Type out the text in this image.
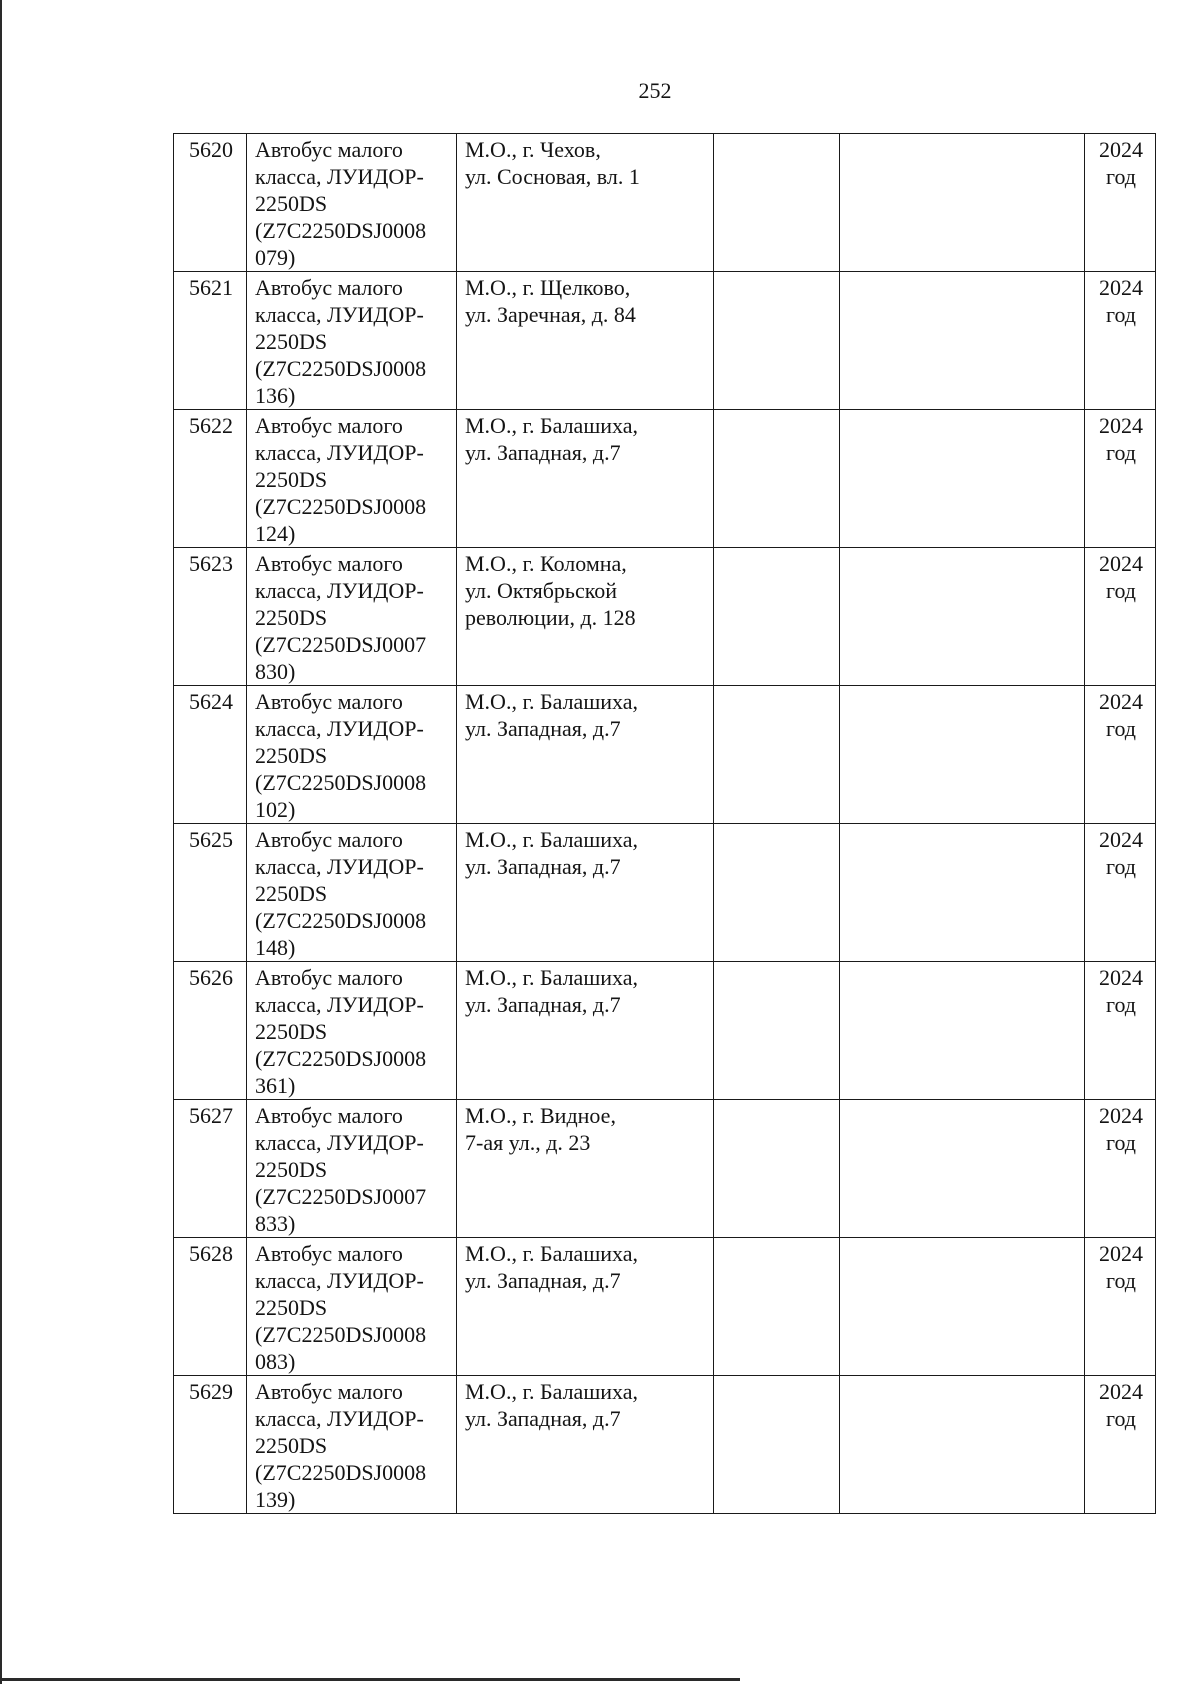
252
5620	Автобус малого
класса, ЛУИДОР-
2250DS
(Z7C2250DSJ0008
079)	М.О., г. Чехов,
ул. Сосновая, вл. 1			2024
год

5621	Автобус малого
класса, ЛУИДОР-
2250DS
(Z7C2250DSJ0008
136)	М.О., г. Щелково,
ул. Заречная, д. 84			2024
год

5622	Автобус малого
класса, ЛУИДОР-
2250DS
(Z7C2250DSJ0008
124)	М.О., г. Балашиха,
ул. Западная, д.7			2024
год

5623	Автобус малого
класса, ЛУИДОР-
2250DS
(Z7C2250DSJ0007
830)	М.О., г. Коломна,
ул. Октябрьской
революции, д. 128			2024
год

5624	Автобус малого
класса, ЛУИДОР-
2250DS
(Z7C2250DSJ0008
102)	М.О., г. Балашиха,
ул. Западная, д.7			2024
год

5625	Автобус малого
класса, ЛУИДОР-
2250DS
(Z7C2250DSJ0008
148)	М.О., г. Балашиха,
ул. Западная, д.7			2024
год

5626	Автобус малого
класса, ЛУИДОР-
2250DS
(Z7C2250DSJ0008
361)	М.О., г. Балашиха,
ул. Западная, д.7			2024
год

5627	Автобус малого
класса, ЛУИДОР-
2250DS
(Z7C2250DSJ0007
833)	М.О., г. Видное,
7-ая ул., д. 23			2024
год

5628	Автобус малого
класса, ЛУИДОР-
2250DS
(Z7C2250DSJ0008
083)	М.О., г. Балашиха,
ул. Западная, д.7			2024
год

5629	Автобус малого
класса, ЛУИДОР-
2250DS
(Z7C2250DSJ0008
139)	М.О., г. Балашиха,
ул. Западная, д.7			2024
год
